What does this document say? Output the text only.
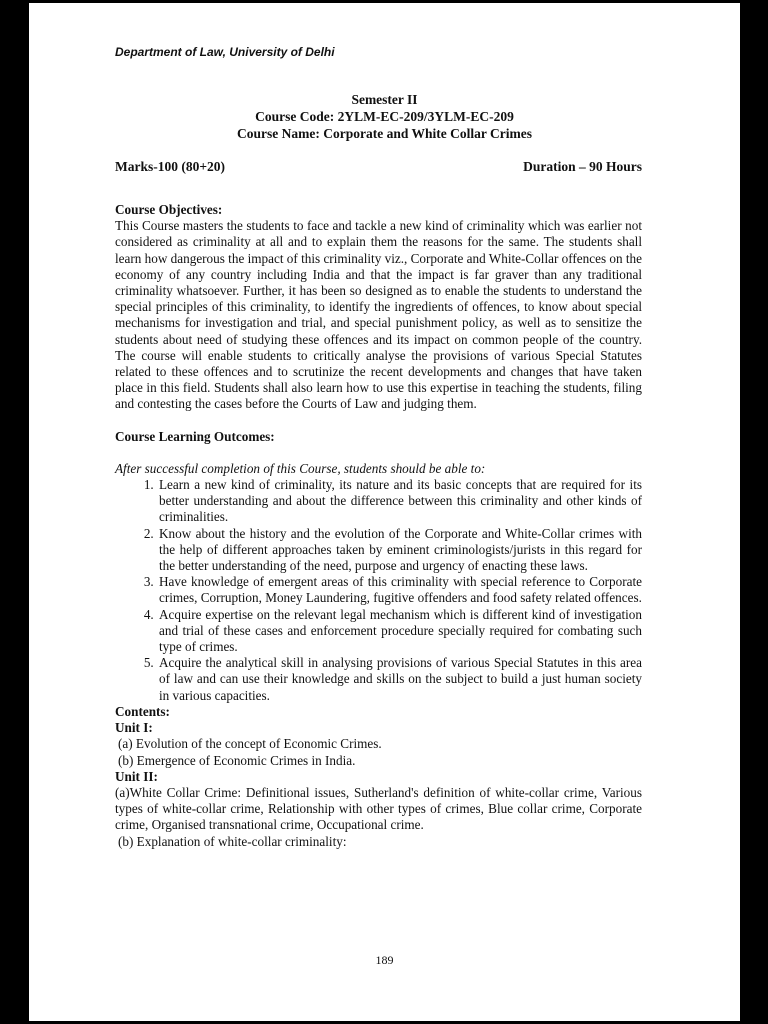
Department of Law, University of Delhi
Semester II
Course Code: 2YLM-EC-209/3YLM-EC-209
Course Name: Corporate and White Collar Crimes
Marks-100 (80+20)	Duration – 90 Hours
Course Objectives:

This Course masters the students to face and tackle a new kind of criminality which was earlier not considered as criminality at all and to explain them the reasons for the same. The students shall learn how dangerous the impact of this criminality viz., Corporate and White-Collar offences on the economy of any country including India and that the impact is far graver than any traditional criminality whatsoever. Further, it has been so designed as to enable the students to understand the special principles of this criminality, to identify the ingredients of offences, to know about special mechanisms for investigation and trial, and special punishment policy, as well as to sensitize the students about need of studying these offences and its impact on common people of the country. The course will enable students to critically analyse the provisions of various Special Statutes related to these offences and to scrutinize the recent developments and changes that have taken place in this field. Students shall also learn how to use this expertise in teaching the students, filing and contesting the cases before the Courts of Law and judging them.

Course Learning Outcomes:
After successful completion of this Course, students should be able to:
1. Learn a new kind of criminality, its nature and its basic concepts that are required for its better understanding and about the difference between this criminality and other kinds of criminalities.
2. Know about the history and the evolution of the Corporate and White-Collar crimes with the help of different approaches taken by eminent criminologists/jurists in this regard for the better understanding of the need, purpose and urgency of enacting these laws.
3. Have knowledge of emergent areas of this criminality with special reference to Corporate crimes, Corruption, Money Laundering, fugitive offenders and food safety related offences.
4. Acquire expertise on the relevant legal mechanism which is different kind of investigation and trial of these cases and enforcement procedure specially required for combating such type of crimes.
5. Acquire the analytical skill in analysing provisions of various Special Statutes in this area of law and can use their knowledge and skills on the subject to build a just human society in various capacities.
Contents:
Unit I:
(a) Evolution of the concept of Economic Crimes.
(b) Emergence of Economic Crimes in India.
Unit II:

(a)White Collar Crime: Definitional issues, Sutherland's definition of white-collar crime, Various types of white-collar crime, Relationship with other types of crimes, Blue collar crime, Corporate crime, Organised transnational crime, Occupational crime.

(b) Explanation of white-collar criminality:
189
